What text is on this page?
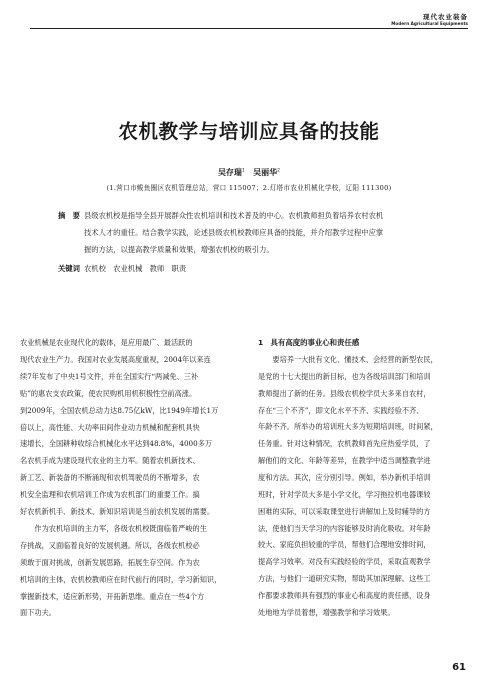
现代农业装备
Modern Agricultural Equipments
农机教学与培训应具备的技能
吴存瑞$^1$ 吴丽华$^2$
(1.营口市鲅鱼圈区农机管理总站，营口 115007；2.灯塔市农业机械化学校，辽阳 111300)
摘　要 县级农机校是指导全县开展群众性农机培训和技术普及的中心。农机教师担负着培养农村农机
技术人才的重任。结合教学实践，论述县级农机校教师应具备的技能，并介绍教学过程中应掌
握的方法，以提高教学质量和效果，增强农机校的吸引力。
关键词 农机校　农业机械　教师　职责
农业机械是农业现代化的载体，是应用最广、最活跃的
现代农业生产力。我国对农业发展高度重视，2004年以来连
续7年发布了中央1号文件，并在全国实行“两减免、三补
贴”的惠农支农政策，使农民购机用机积极性空前高涨。
到2009年，全国农机总动力达8.75亿kW，比1949年增长1万
倍以上，高性能、大功率田间作业动力机械和配套机具快
速增长，全国耕种收综合机械化水平达到48.8%，4000多万
名农机手成为建设现代农业的主力军。随着农机新技术、
新工艺、新装备的不断涌现和农机驾驶员的不断增多，农
机安全监理和农机培训工作成为农机部门的重要工作。搞
好农机新机手、新技术、新知识培训是当前农机发展的需要。
　　作为农机培训的主力军，各级农机校既面临着严峻的生
存挑战，又面临着良好的发展机遇。所以，各级农机校必
须敢于面对挑战，创新发展思路，拓展生存空间。作为农
机培训的主体，农机校教师应在时代前行的同时，学习新知识，
掌握新技术，适应新形势，开拓新思维。重点在一些4个方
面下功夫。
1　具有高度的事业心和责任感
　　要培养一大批有文化、懂技术、会经营的新型农民，
是党的十七大提出的新目标，也为各级培训部门和培训
教师提出了新的任务。县级农机校学员大多来自农村，
存在“三个不齐”，即文化水平不齐、实践经验不齐、
年龄不齐。所举办的培训班大多为短期培训班，时间紧，
任务重。针对这种情况，农机教师首先应热爱学员，了
解他们的文化、年龄等差异，在教学中适当调整教学进
度和方法。其次，应分别引导。例如，举办新机手培训
班时，针对学员大多是小学文化，学习拖拉机电器课较
困难的实际，可以采取课堂进行讲解加上及时辅导的方
法，使他们当天学习的内容能够及时消化吸收。对年龄
较大、家庭负担较重的学员，帮他们合理地安排时间，
提高学习效率。对没有实践经验的学员，采取直观教学
方法，与他们一道研究实物，帮助其加深理解。这些工
作都要求教师具有强烈的事业心和高度的责任感，设身
处地地为学员着想，增强教学和学习效果。
61
